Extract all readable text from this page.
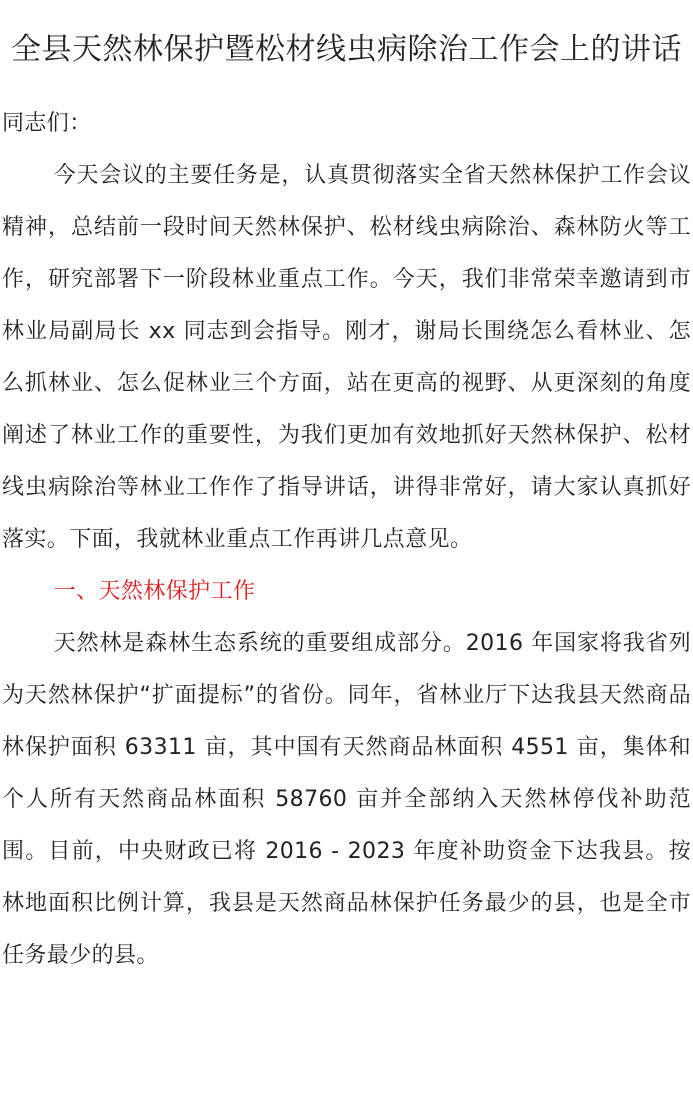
全县天然林保护暨松材线虫病除治工作会上的讲话

同志们：

今天会议的主要任务是，认真贯彻落实全省天然林保护工作会议精神，总结前一段时间天然林保护、松材线虫病除治、森林防火等工作，研究部署下一阶段林业重点工作。今天，我们非常荣幸邀请到市林业局副局长 xx 同志到会指导。刚才，谢局长围绕怎么看林业、怎么抓林业、怎么促林业三个方面，站在更高的视野、从更深刻的角度阐述了林业工作的重要性，为我们更加有效地抓好天然林保护、松材线虫病除治等林业工作作了指导讲话，讲得非常好，请大家认真抓好落实。下面，我就林业重点工作再讲几点意见。

一、天然林保护工作

天然林是森林生态系统的重要组成部分。2016 年国家将我省列为天然林保护“扩面提标”的省份。同年，省林业厅下达我县天然商品林保护面积 63311 亩，其中国有天然商品林面积 4551 亩，集体和个人所有天然商品林面积 58760 亩并全部纳入天然林停伐补助范围。目前，中央财政已将 2016 - 2023 年度补助资金下达我县。按林地面积比例计算，我县是天然商品林保护任务最少的县，也是全市任务最少的县。
